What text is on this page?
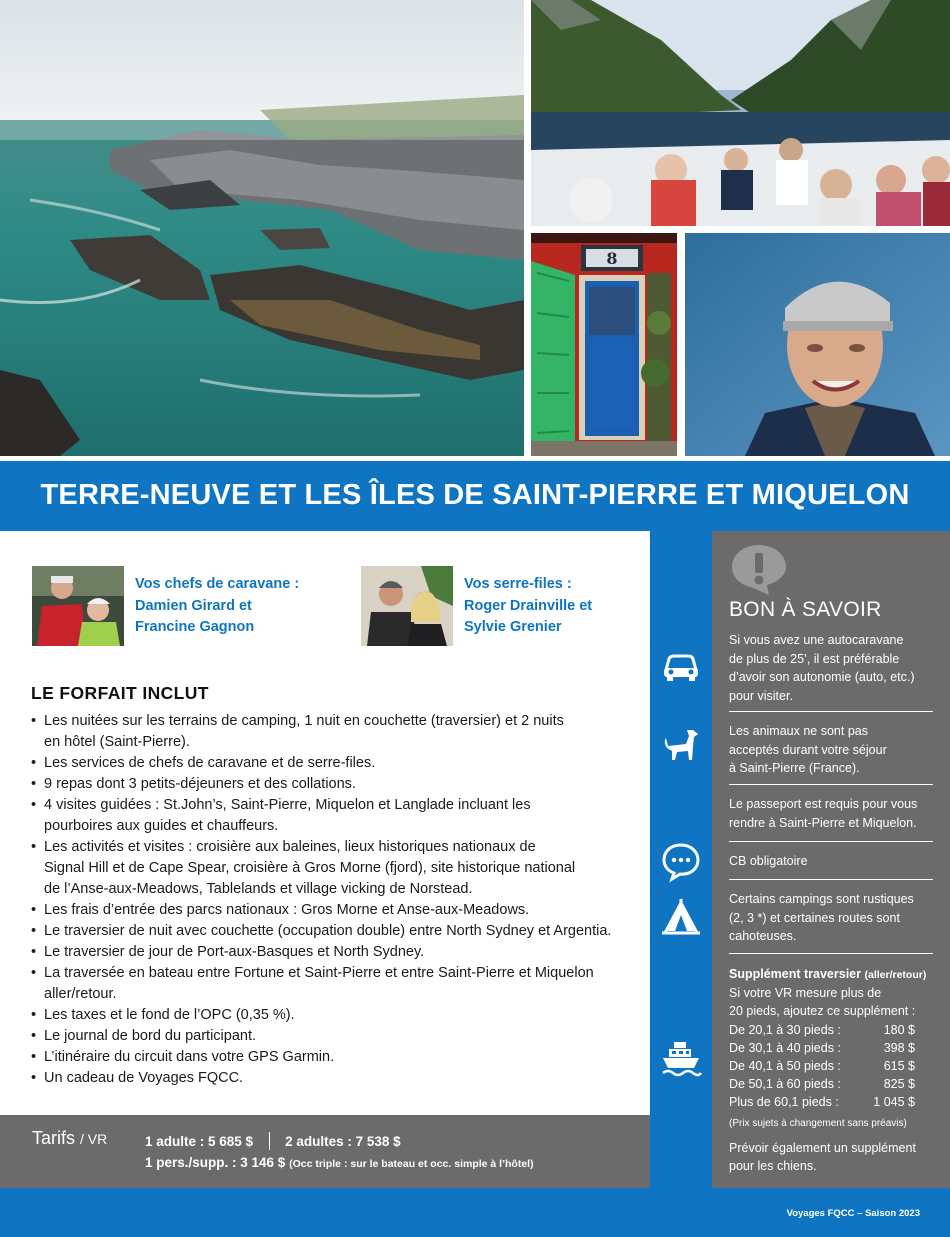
8
TERRE-NEUVE ET LES ÎLES DE SAINT-PIERRE ET MIQUELON
Vos chefs de caravane :
Damien Girard et
Francine Gagnon
Vos serre-files :
Roger Drainville et
Sylvie Grenier
LE FORFAIT INCLUT
• Les nuitées sur les terrains de camping, 1 nuit en couchette (traversier) et 2 nuits
en hôtel (Saint-Pierre).
• Les services de chefs de caravane et de serre-files.
• 9 repas dont 3 petits-déjeuners et des collations.
• 4 visites guidées : St.John’s, Saint-Pierre, Miquelon et Langlade incluant les
pourboires aux guides et chauffeurs.
• Les activités et visites : croisière aux baleines, lieux historiques nationaux de
Signal Hill et de Cape Spear, croisière à Gros Morne (fjord), site historique national
de l’Anse-aux-Meadows, Tablelands et village vicking de Norstead.
• Les frais d’entrée des parcs nationaux : Gros Morne et Anse-aux-Meadows.
• Le traversier de nuit avec couchette (occupation double) entre North Sydney et Argentia.
• Le traversier de jour de Port-aux-Basques et North Sydney.
• La traversée en bateau entre Fortune et Saint-Pierre et entre Saint-Pierre et Miquelon
aller/retour.
• Les taxes et le fond de l’OPC (0,35 %).
• Le journal de bord du participant.
• L’itinéraire du circuit dans votre GPS Garmin.
• Un cadeau de Voyages FQCC.
Tarifs / VR	1 adulte : 5 685 $ 2 adultes : 7 538 $
1 pers./supp. : 3 146 $ (Occ triple : sur le bateau et occ. simple à l’hôtel)
BON À SAVOIR
Si vous avez une autocaravane
de plus de 25’, il est préférable
d’avoir son autonomie (auto, etc.)
pour visiter.
Les animaux ne sont pas
acceptés durant votre séjour
à Saint-Pierre (France).
Le passeport est requis pour vous
rendre à Saint-Pierre et Miquelon.
CB obligatoire
Certains campings sont rustiques
(2, 3 *) et certaines routes sont
cahoteuses.
Supplément traversier (aller/retour)
Si votre VR mesure plus de
20 pieds, ajoutez ce supplément :
De 20,1 à 30 pieds :	180 $
De 30,1 à 40 pieds :	398 $
De 40,1 à 50 pieds :	615 $
De 50,1 à 60 pieds :	825 $
Plus de 60,1 pieds :	1 045 $
(Prix sujets à changement sans préavis)
Prévoir également un supplément
pour les chiens.
Voyages FQCC – Saison 2023
